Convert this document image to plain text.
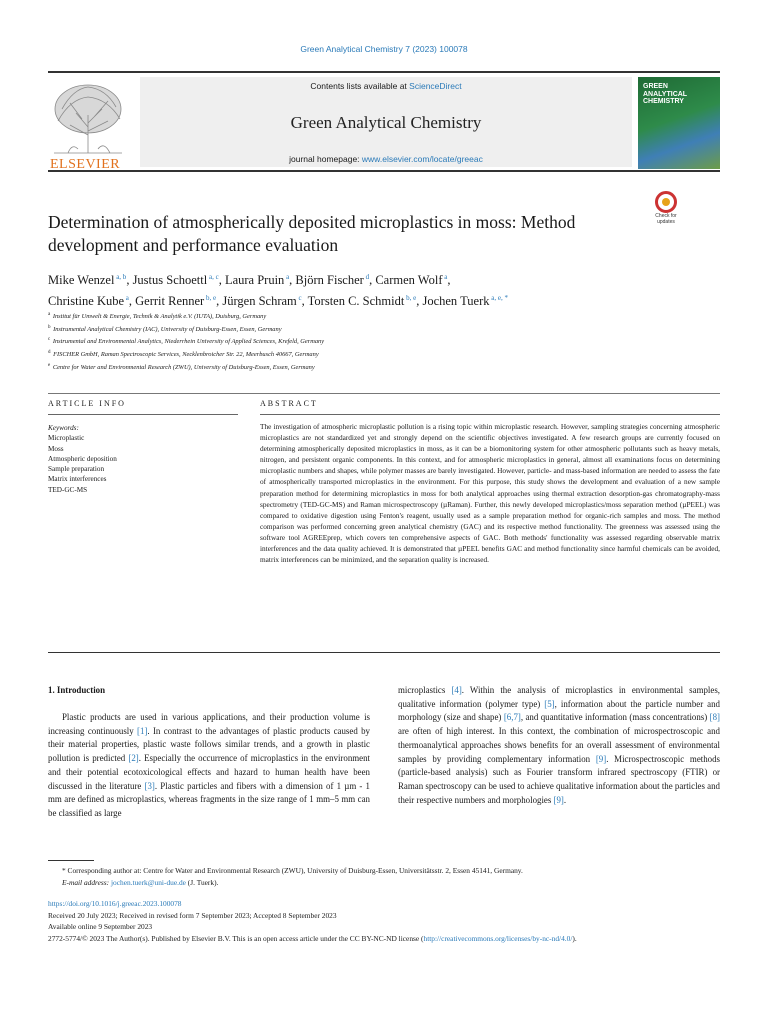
Green Analytical Chemistry 7 (2023) 100078
ELSEVIER
Contents lists available at ScienceDirect
Green Analytical Chemistry
journal homepage: www.elsevier.com/locate/greeac
GREEN
ANALYTICAL
CHEMISTRY
Determination of atmospherically deposited microplastics in moss: Method development and performance evaluation
Check for
updates
Mike Wenzel $^{a, b}$, Justus Schoettl $^{a, c}$, Laura Pruin $^a$, Björn Fischer $^d$, Carmen Wolf $^a$,
Christine Kube $^a$, Gerrit Renner $^{b, e}$, Jürgen Schram $^c$, Torsten C. Schmidt $^{b, e}$, Jochen Tuerk $^{a, e, *}$
$^a$ Institut für Umwelt & Energie, Technik & Analytik e.V. (IUTA), Duisburg, Germany
$^b$ Instrumental Analytical Chemistry (IAC), University of Duisburg-Essen, Essen, Germany
$^c$ Instrumental and Environmental Analytics, Niederrhein University of Applied Sciences, Krefeld, Germany
$^d$ FISCHER GmbH, Raman Spectroscopic Services, Necklenbroicher Str. 22, Meerbusch 40667, Germany
$^e$ Centre for Water and Environmental Research (ZWU), University of Duisburg-Essen, Essen, Germany
ARTICLE INFO	ABSTRACT
Keywords:
Microplastic
Moss
Atmospheric deposition
Sample preparation
Matrix interferences
TED-GC-MS
The investigation of atmospheric microplastic pollution is a rising topic within microplastic research. However, sampling strategies concerning atmospheric microplastics are not standardized yet and strongly depend on the scientific objectives investigated. A few research groups are currently focused on determining atmospherically deposited microplastics in moss, as it can be a biomonitoring system for other atmospheric pollutants such as heavy metals, nitrogen, and persistent organic components. In this context, and for atmospheric microplastics in general, almost all examinations focus on determining microplastic numbers and shapes, while polymer masses are barely investigated. However, particle- and mass-based information are needed to assess the fate of atmospherically transported microplastics in the environment. For this purpose, this study shows the development and evaluation of a new sample preparation method for determining microplastics in moss for both analytical approaches using thermal extraction desorption-gas chromatography-mass spectrometry (TED-GC-MS) and Raman microspectroscopy (µRaman). Further, this newly developed microplastics/moss separation method (µPEEL) was compared to oxidative digestion using Fenton's reagent, usually used as a sample preparation method for organic-rich samples and moss. The method comparison was performed concerning green analytical chemistry (GAC) and its respective method functionality. The greenness was assessed using the software tool AGREEprep, which covers ten comprehensive aspects of GAC. Both methods' functionality was assessed regarding observable matrix interferences and the data quality achieved. It is demonstrated that µPEEL benefits GAC and method functionality since harmful chemicals can be avoided, matrix interferences can be minimized, and the separation quality is increased.
1. Introduction

Plastic products are used in various applications, and their production volume is increasing continuously [1]. In contrast to the advantages of plastic products caused by their material properties, plastic waste follows similar trends, and a growth in plastic pollution is predicted [2]. Especially the occurrence of microplastics in the environment and their potential ecotoxicological effects and hazard to human health have been discussed in the literature [3]. Plastic particles and fibers with a dimension of 1 µm - 1 mm are defined as microplastics, whereas fragments in the size range of 1 mm–5 mm can be classified as large

microplastics [4]. Within the analysis of microplastics in environmental samples, qualitative information (polymer type) [5], information about the particle number and morphology (size and shape) [6,7], and quantitative information (mass concentrations) [8] are often of high interest. In this context, the combination of microspectroscopic and thermoanalytical approaches shows benefits for an overall assessment of environmental samples by providing complementary information [9]. Microspectroscopic methods (particle-based analysis) such as Fourier transform infrared spectroscopy (FTIR) or Raman spectroscopy can be used to achieve qualitative information about the particles and their respective numbers and morphologies [9].

* Corresponding author at: Centre for Water and Environmental Research (ZWU), University of Duisburg-Essen, Universitätsstr. 2, Essen 45141, Germany.
E-mail address: jochen.tuerk@uni-due.de (J. Tuerk).
https://doi.org/10.1016/j.greeac.2023.100078
Received 20 July 2023; Received in revised form 7 September 2023; Accepted 8 September 2023
Available online 9 September 2023
2772-5774/© 2023 The Author(s). Published by Elsevier B.V. This is an open access article under the CC BY-NC-ND license (http://creativecommons.org/licenses/by-nc-nd/4.0/).
